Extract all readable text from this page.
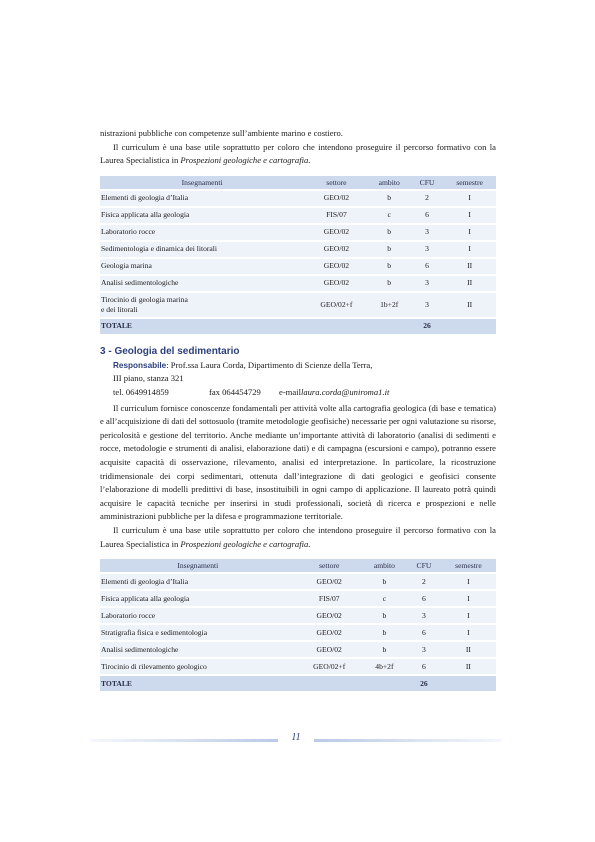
nistrazioni pubbliche con competenze sull’ambiente marino e costiero.

Il curriculum è una base utile soprattutto per coloro che intendono proseguire il percorso formativo con la Laurea Specialistica in Prospezioni geologiche e cartografia.

Insegnamenti	settore	ambito	CFU	semestre
Elementi di geologia d’Italia	GEO/02	b	2	I
Fisica applicata alla geologia	FIS/07	c	6	I
Laboratorio rocce	GEO/02	b	3	I
Sedimentologia e dinamica dei litorali	GEO/02	b	3	I
Geologia marina	GEO/02	b	6	II
Analisi sedimentologiche	GEO/02	b	3	II
Tirocinio di geologia marina
e dei litorali	GEO/02+f	1b+2f	3	II
TOTALE			26	
3 - Geologia del sedimentario
Responsabile: Prof.ssa Laura Corda, Dipartimento di Scienze della Terra,
III piano, stanza 321
tel. 0649914859	fax 064454729 e-maillaura.corda@uniroma1.it

Il curriculum fornisce conoscenze fondamentali per attività volte alla cartografia geologica (di base e tematica) e all’acquisizione di dati del sottosuolo (tramite metodologie geofisiche) necessarie per ogni valutazione su risorse, pericolosità e gestione del territorio. Anche mediante un’importante attività di laboratorio (analisi di sedimenti e rocce, metodologie e strumenti di analisi, elaborazione dati) e di campagna (escursioni e campo), potranno essere acquisite capacità di osservazione, rilevamento, analisi ed interpretazione. In particolare, la ricostruzione tridimensionale dei corpi sedimentari, ottenuta dall’integrazione di dati geologici e geofisici consente l’elaborazione di modelli predittivi di base, insostituibili in ogni campo di applicazione. Il laureato potrà quindi acquisire le capacità tecniche per inserirsi in studi professionali, società di ricerca e prospezioni e nelle amministrazioni pubbliche per la difesa e programmazione territoriale.

Il curriculum è una base utile soprattutto per coloro che intendono proseguire il percorso formativo con la Laurea Specialistica in Prospezioni geologiche e cartografia.

Insegnamenti	settore	ambito	CFU	semestre
Elementi di geologia d’Italia	GEO/02	b	2	I
Fisica applicata alla geologia	FIS/07	c	6	I
Laboratorio rocce	GEO/02	b	3	I
Stratigrafia fisica e sedimentologia	GEO/02	b	6	I
Analisi sedimentologiche	GEO/02	b	3	II
Tirocinio di rilevamento geologico	GEO/02+f	4b+2f	6	II
TOTALE			26	
11
